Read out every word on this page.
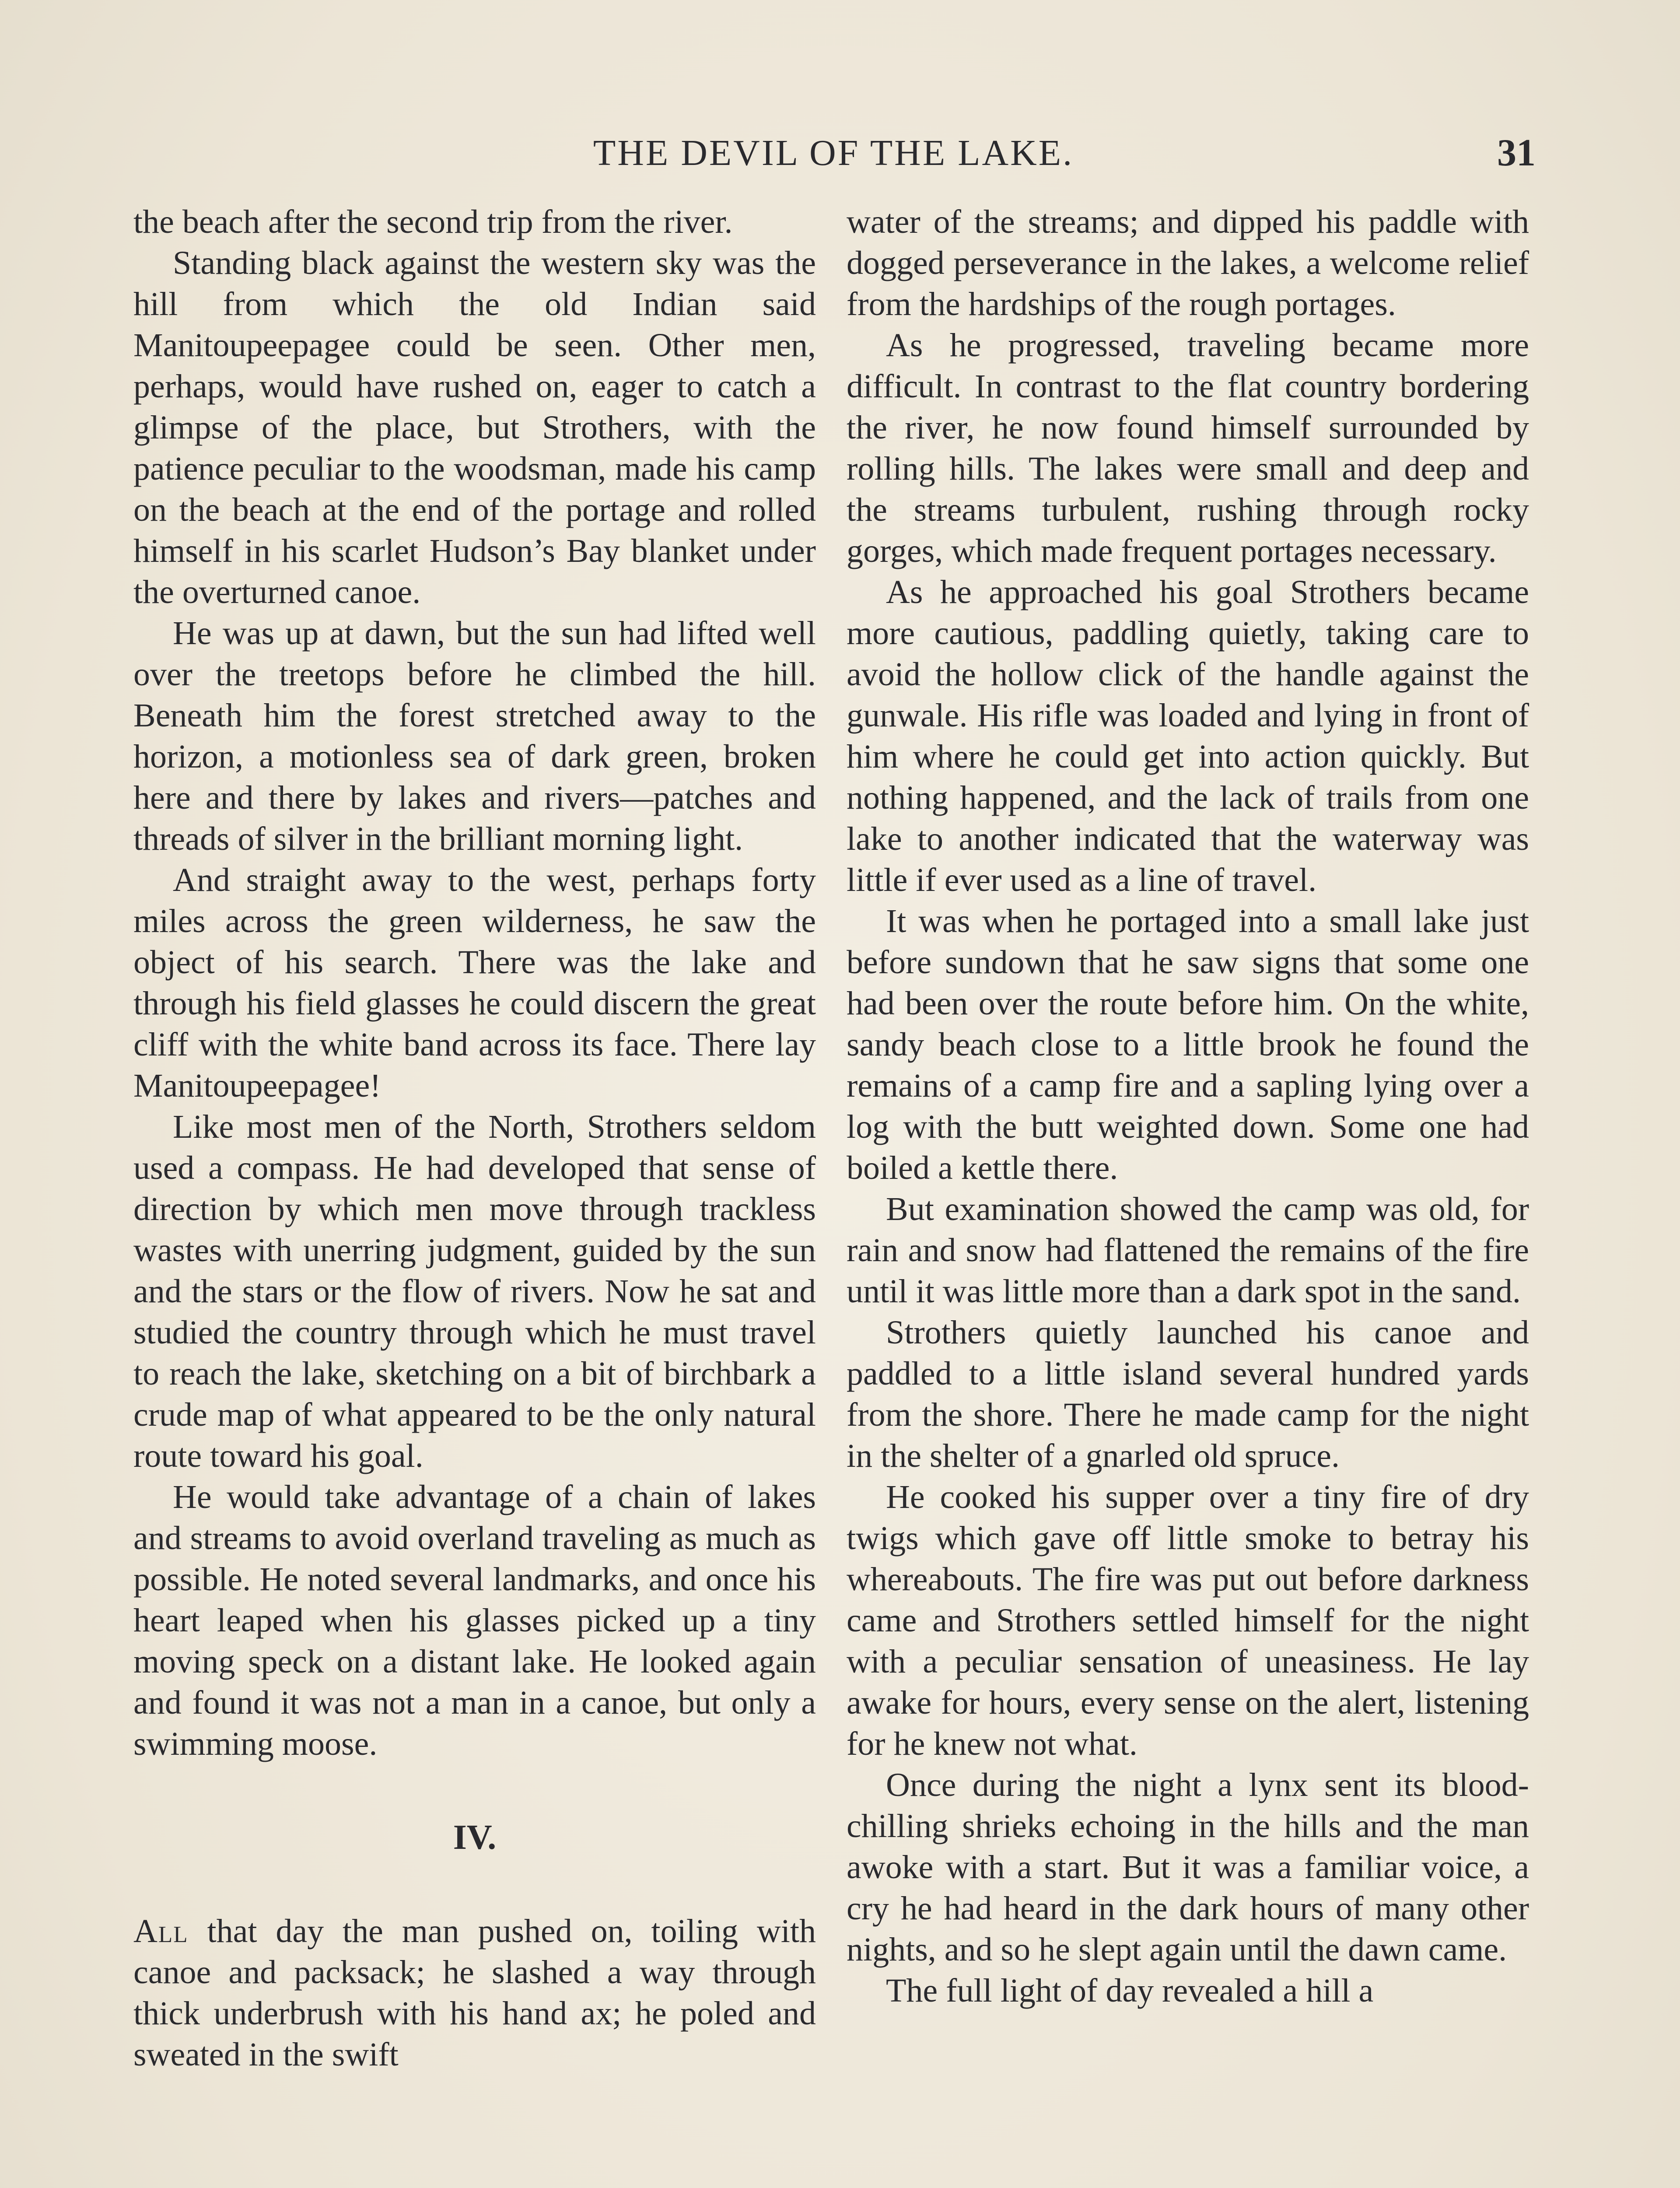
THE DEVIL OF THE LAKE.	31

the beach after the second trip from the river.

Standing black against the western sky was the hill from which the old Indian said Manitoupeepagee could be seen. Other men, perhaps, would have rushed on, eager to catch a glimpse of the place, but Strothers, with the patience peculiar to the woodsman, made his camp on the beach at the end of the portage and rolled himself in his scarlet Hudson’s Bay blanket under the overturned canoe.

He was up at dawn, but the sun had lifted well over the treetops before he climbed the hill. Beneath him the forest stretched away to the horizon, a motionless sea of dark green, broken here and there by lakes and rivers—patches and threads of silver in the brilliant morning light.

And straight away to the west, perhaps forty miles across the green wilderness, he saw the object of his search. There was the lake and through his field glasses he could discern the great cliff with the white band across its face. There lay Manitoupeepagee!

Like most men of the North, Strothers seldom used a compass. He had developed that sense of direction by which men move through trackless wastes with unerring judgment, guided by the sun and the stars or the flow of rivers. Now he sat and studied the country through which he must travel to reach the lake, sketching on a bit of birchbark a crude map of what appeared to be the only natural route toward his goal.

He would take advantage of a chain of lakes and streams to avoid overland traveling as much as possible. He noted several landmarks, and once his heart leaped when his glasses picked up a tiny moving speck on a distant lake. He looked again and found it was not a man in a canoe, but only a swimming moose.

IV.

All that day the man pushed on, toiling with canoe and packsack; he slashed a way through thick underbrush with his hand ax; he poled and sweated in the swift

water of the streams; and dipped his paddle with dogged perseverance in the lakes, a welcome relief from the hardships of the rough portages.

As he progressed, traveling became more difficult. In contrast to the flat country bordering the river, he now found himself surrounded by rolling hills. The lakes were small and deep and the streams turbulent, rushing through rocky gorges, which made frequent portages necessary.

As he approached his goal Strothers became more cautious, paddling quietly, taking care to avoid the hollow click of the handle against the gunwale. His rifle was loaded and lying in front of him where he could get into action quickly. But nothing happened, and the lack of trails from one lake to another indicated that the waterway was little if ever used as a line of travel.

It was when he portaged into a small lake just before sundown that he saw signs that some one had been over the route before him. On the white, sandy beach close to a little brook he found the remains of a camp fire and a sapling lying over a log with the butt weighted down. Some one had boiled a kettle there.

But examination showed the camp was old, for rain and snow had flattened the remains of the fire until it was little more than a dark spot in the sand.

Strothers quietly launched his canoe and paddled to a little island several hundred yards from the shore. There he made camp for the night in the shelter of a gnarled old spruce.

He cooked his supper over a tiny fire of dry twigs which gave off little smoke to betray his whereabouts. The fire was put out before darkness came and Strothers settled himself for the night with a peculiar sensation of uneasiness. He lay awake for hours, every sense on the alert, listening for he knew not what.

Once during the night a lynx sent its blood-chilling shrieks echoing in the hills and the man awoke with a start. But it was a familiar voice, a cry he had heard in the dark hours of many other nights, and so he slept again until the dawn came.

The full light of day revealed a hill a
